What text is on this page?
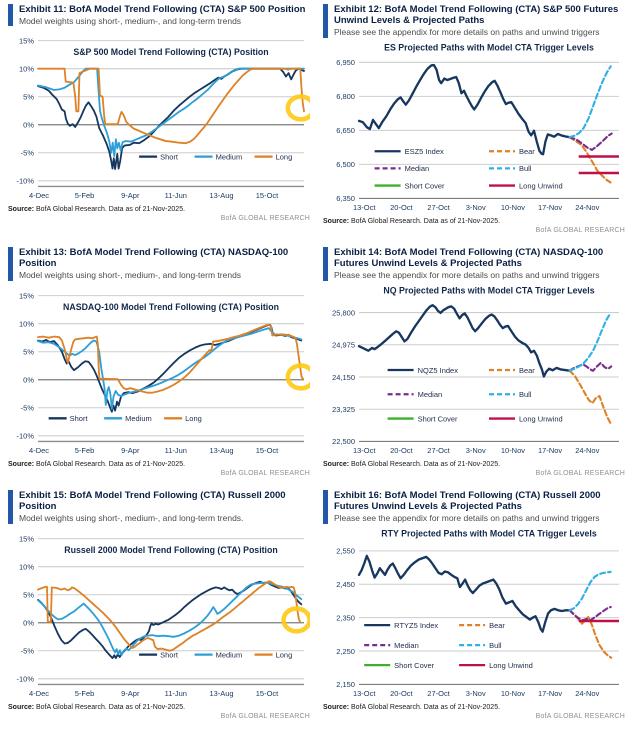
Exhibit 11: BofA Model Trend Following (CTA) S&P 500 Position
Model weights using short-, medium-, and long-term trends
15%
10%
5%
0%
-5%
-10%
4-Dec	5-Feb	9-Apr	11-Jun	13-Aug	15-Oct
S&P 500 Model Trend Following (CTA) Position
Short	Medium	Long
Source: BofA Global Research. Data as of 21-Nov-2025.
BofA GLOBAL RESEARCH
Exhibit 12: BofA Model Trend Following (CTA) S&P 500 Futures Unwind Levels & Projected Paths
Please see the appendix for more details on paths and unwind triggers
6,950
6,800
6,650
6,500
6,350
13-Oct 20-Oct 27-Oct 3-Nov 10-Nov 17-Nov 24-Nov
ES Projected Paths with Model CTA Trigger Levels
ESZ5 Index	Bear
Median	Bull
Short Cover	Long Unwind
Source: BofA Global Research. Data as of 21-Nov-2025.
BofA GLOBAL RESEARCH
Exhibit 13: BofA Model Trend Following (CTA) NASDAQ-100 Position
Model weights using short-, medium-, and long-term trends
15%
10%
5%
0%
-5%
-10%
4-Dec	5-Feb	9-Apr	11-Jun	13-Aug	15-Oct
NASDAQ-100 Model Trend Following (CTA) Position
Short	Medium	Long
Source: BofA Global Research. Data as of 21-Nov-2025.
BofA GLOBAL RESEARCH
Exhibit 14: BofA Model Trend Following (CTA) NASDAQ-100 Futures Unwind Levels & Projected Paths
Please see the appendix for more details on paths and unwind triggers
25,800
24,975
24,150
23,325
22,500
13-Oct 20-Oct 27-Oct 3-Nov 10-Nov 17-Nov 24-Nov
NQ Projected Paths with Model CTA Trigger Levels
NQZ5 Index	Bear
Median	Bull
Short Cover	Long Unwind
Source: BofA Global Research. Data as of 21-Nov-2025.
BofA GLOBAL RESEARCH
Exhibit 15: BofA Model Trend Following (CTA) Russell 2000 Position
Model weights using short-, medium-, and long-term trends.
15%
10%
5%
0%
-5%
-10%
4-Dec	5-Feb	9-Apr	11-Jun	13-Aug	15-Oct
Russell 2000 Model Trend Following (CTA) Position
Short	Medium	Long
Source: BofA Global Research. Data as of 21-Nov-2025.
BofA GLOBAL RESEARCH
Exhibit 16: BofA Model Trend Following (CTA) Russell 2000 Futures Unwind Levels & Projected Paths
Please see the appendix for more details on paths and unwind triggers
2,550
2,450
2,350
2,250
2,150
13-Oct 20-Oct 27-Oct 3-Nov 10-Nov 17-Nov 24-Nov
RTY Projected Paths with Model CTA Trigger Levels
RTYZ5 Index	Bear
Median	Bull
Short Cover	Long Unwind
Source: BofA Global Research. Data as of 21-Nov-2025.
BofA GLOBAL RESEARCH
